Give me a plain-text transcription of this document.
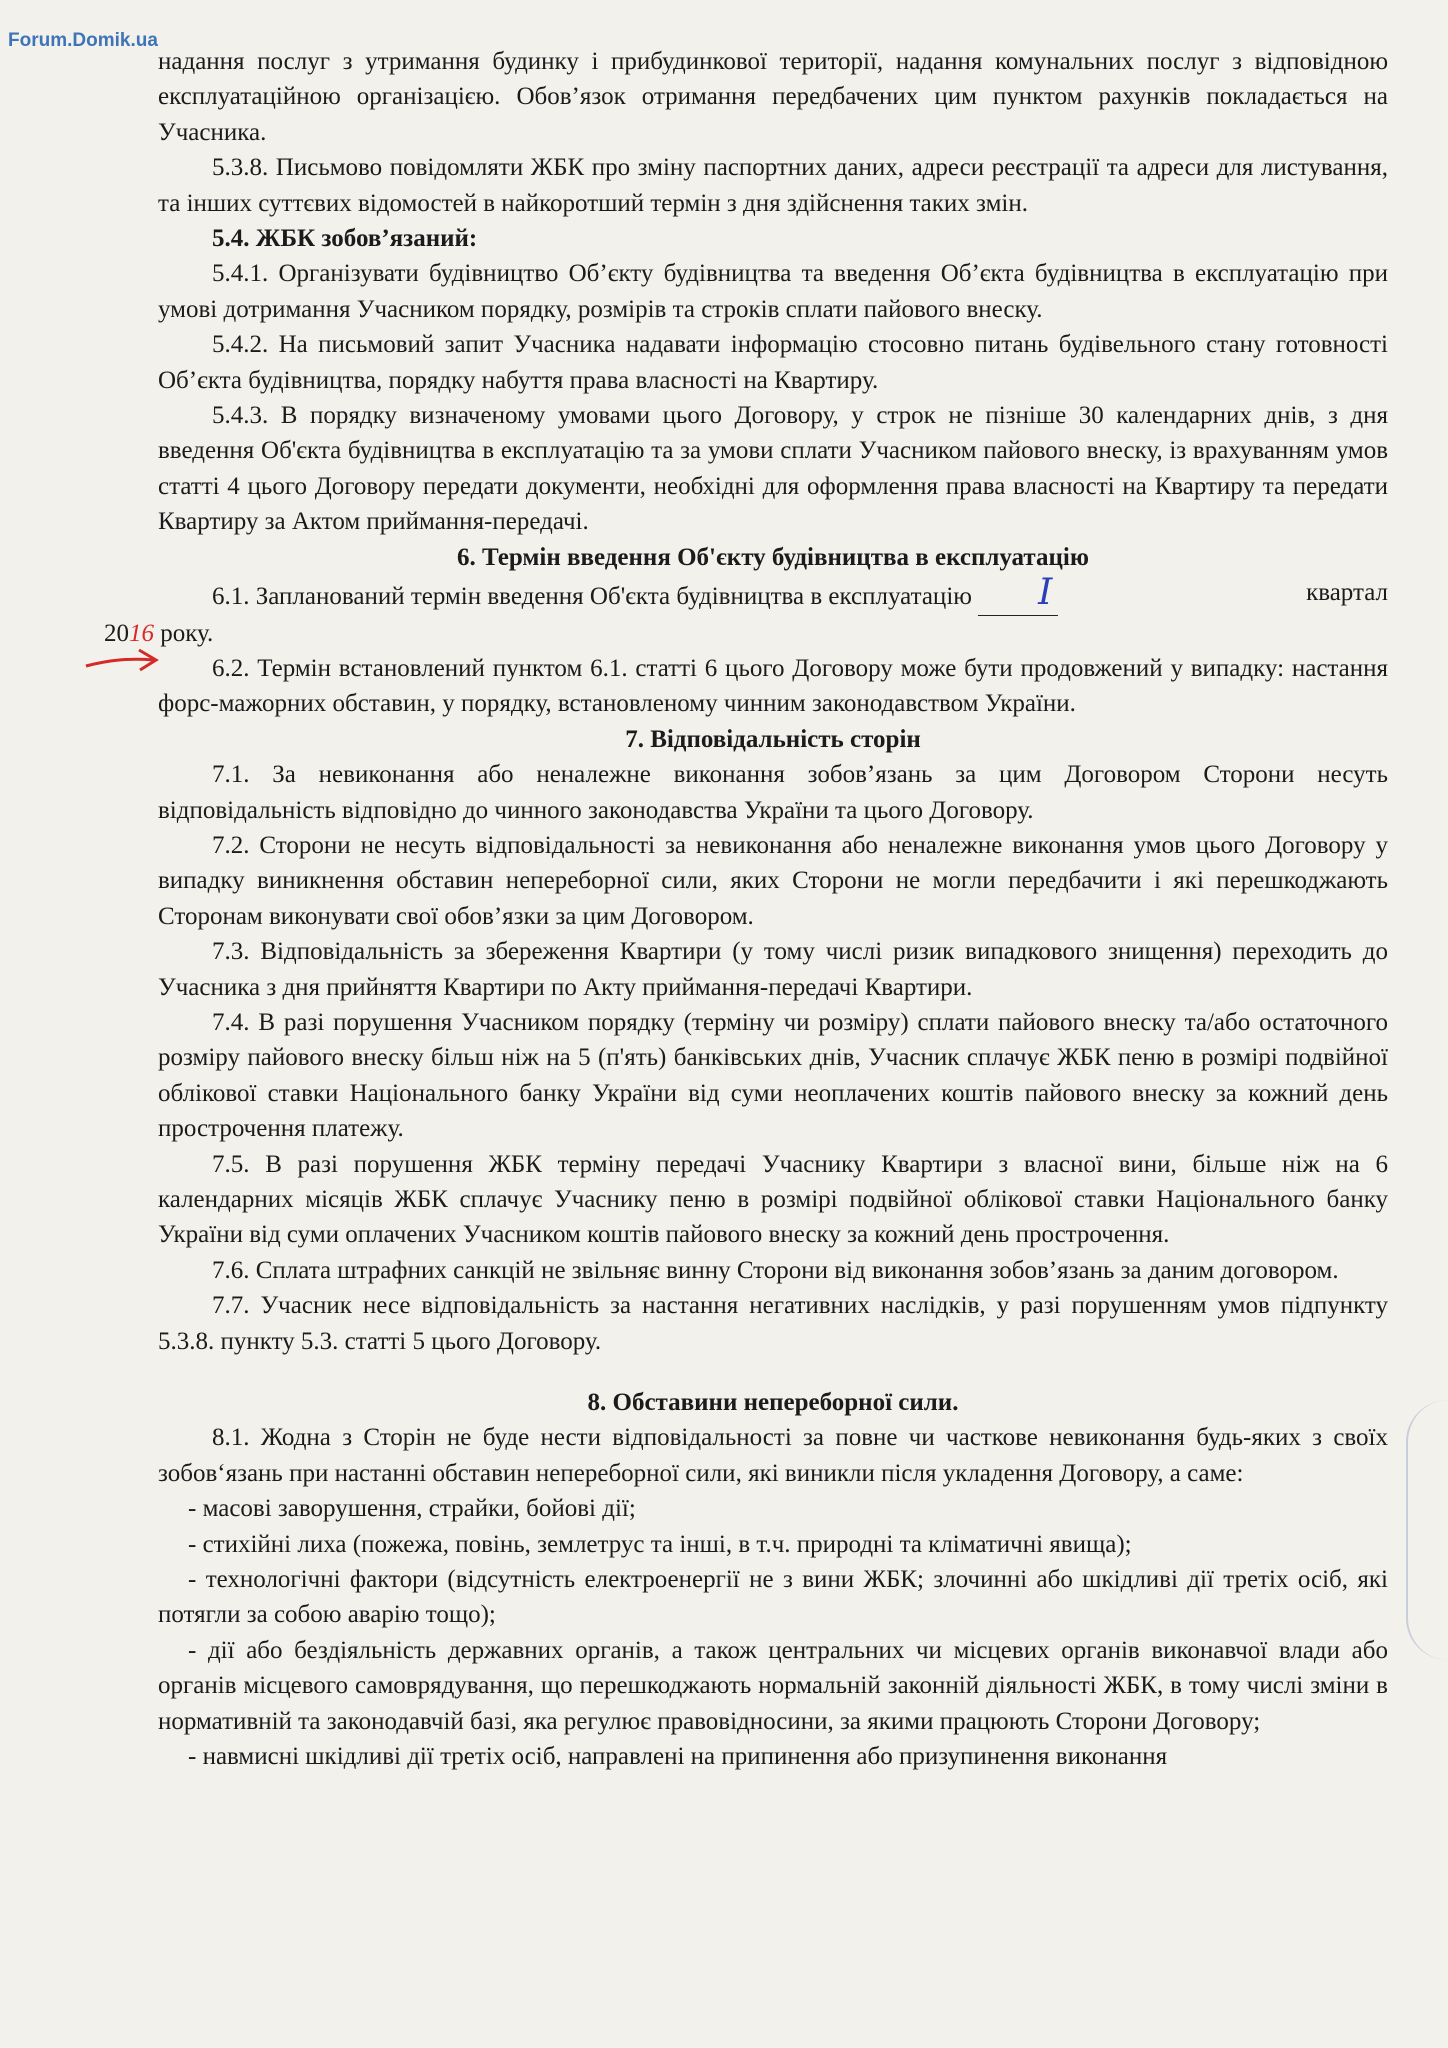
Forum.Domik.ua

надання послуг з утримання будинку і прибудинкової території, надання комунальних послуг з відповідною експлуатаційною організацією. Обов’язок отримання передбачених цим пунктом рахунків покладається на Учасника.

5.3.8. Письмово повідомляти ЖБК про зміну паспортних даних, адреси реєстрації та адреси для листування, та інших суттєвих відомостей в найкоротший термін з дня здійснення таких змін.

5.4. ЖБК зобов’язаний:

5.4.1. Організувати будівництво Об’єкту будівництва та введення Об’єкта будівництва в експлуатацію при умові дотримання Учасником порядку, розмірів та строків сплати пайового внеску.

5.4.2. На письмовий запит Учасника надавати інформацію стосовно питань будівельного стану готовності Об’єкта будівництва, порядку набуття права власності на Квартиру.

5.4.3. В порядку визначеному умовами цього Договору, у строк не пізніше 30 календарних днів, з дня введення Об'єкта будівництва в експлуатацію та за умови сплати Учасником пайового внеску, із врахуванням умов статті 4 цього Договору передати документи, необхідні для оформлення права власності на Квартиру та передати Квартиру за Актом приймання-передачі.

6. Термін введення Об'єкту будівництва в експлуатацію

6.1. Запланований термін введення Об'єкта будівництва в експлуатацію I	квартал

2016 року.

6.2. Термін встановлений пунктом 6.1. статті 6 цього Договору може бути продовжений у випадку: настання форс-мажорних обставин, у порядку, встановленому чинним законодавством України.

7. Відповідальність сторін

7.1. За невиконання або неналежне виконання зобов’язань за цим Договором Сторони несуть відповідальність відповідно до чинного законодавства України та цього Договору.

7.2. Сторони не несуть відповідальності за невиконання або неналежне виконання умов цього Договору у випадку виникнення обставин непереборної сили, яких Сторони не могли передбачити і які перешкоджають Сторонам виконувати свої обов’язки за цим Договором.

7.3. Відповідальність за збереження Квартири (у тому числі ризик випадкового знищення) переходить до Учасника з дня прийняття Квартири по Акту приймання-передачі Квартири.

7.4. В разі порушення Учасником порядку (терміну чи розміру) сплати пайового внеску та/або остаточного розміру пайового внеску більш ніж на 5 (п'ять) банківських днів, Учасник сплачує ЖБК пеню в розмірі подвійної облікової ставки Національного банку України від суми неоплачених коштів пайового внеску за кожний день прострочення платежу.

7.5. В разі порушення ЖБК терміну передачі Учаснику Квартири з власної вини, більше ніж на 6 календарних місяців ЖБК сплачує Учаснику пеню в розмірі подвійної облікової ставки Національного банку України від суми оплачених Учасником коштів пайового внеску за кожний день прострочення.

7.6. Сплата штрафних санкцій не звільняє винну Сторони від виконання зобов’язань за даним договором.

7.7. Учасник несе відповідальність за настання негативних наслідків, у разі порушенням умов підпункту 5.3.8. пункту 5.3. статті 5 цього Договору.

8. Обставини непереборної сили.

8.1. Жодна з Сторін не буде нести відповідальності за повне чи часткове невиконання будь-яких з своїх зобов‘язань при настанні обставин непереборної сили, які виникли після укладення Договору, а саме:

- масові заворушення, страйки, бойові дії;

- стихійні лиха (пожежа, повінь, землетрус та інші, в т.ч. природні та кліматичні явища);

- технологічні фактори (відсутність електроенергії не з вини ЖБК; злочинні або шкідливі дії третіх осіб, які потягли за собою аварію тощо);

- дії або бездіяльність державних органів, а також центральних чи місцевих органів виконавчої влади або органів місцевого самоврядування, що перешкоджають нормальній законній діяльності ЖБК, в тому числі зміни в нормативній та законодавчій базі, яка регулює правовідносини, за якими працюють Сторони Договору;

- навмисні шкідливі дії третіх осіб, направлені на припинення або призупинення виконання
